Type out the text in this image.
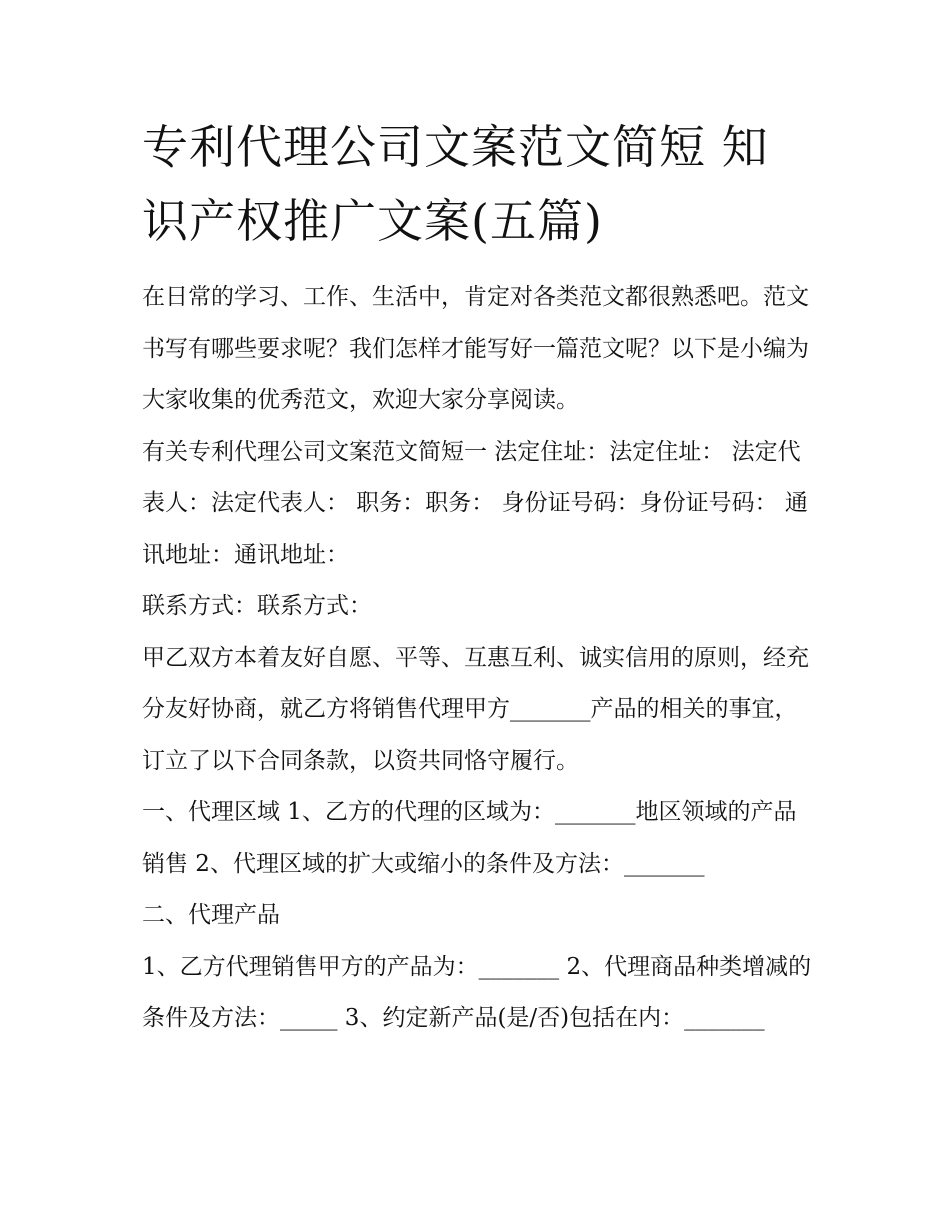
专利代理公司文案范文简短 知识产权推广文案(五篇)

在日常的学习、工作、生活中，肯定对各类范文都很熟悉吧。范文书写有哪些要求呢？我们怎样才能写好一篇范文呢？以下是小编为大家收集的优秀范文，欢迎大家分享阅读。

有关专利代理公司文案范文简短一 法定住址：法定住址： 法定代表人：法定代表人： 职务：职务： 身份证号码：身份证号码： 通讯地址：通讯地址：

联系方式：联系方式：

甲乙双方本着友好自愿、平等、互惠互利、诚实信用的原则，经充分友好协商，就乙方将销售代理甲方_______产品的相关的事宜，订立了以下合同条款，以资共同恪守履行。

一、代理区域 1、乙方的代理的区域为：_______地区领域的产品销售 2、代理区域的扩大或缩小的条件及方法：_______

二、代理产品

1、乙方代理销售甲方的产品为：_______ 2、代理商品种类增减的条件及方法：_____ 3、约定新产品(是/否)包括在内：_______
